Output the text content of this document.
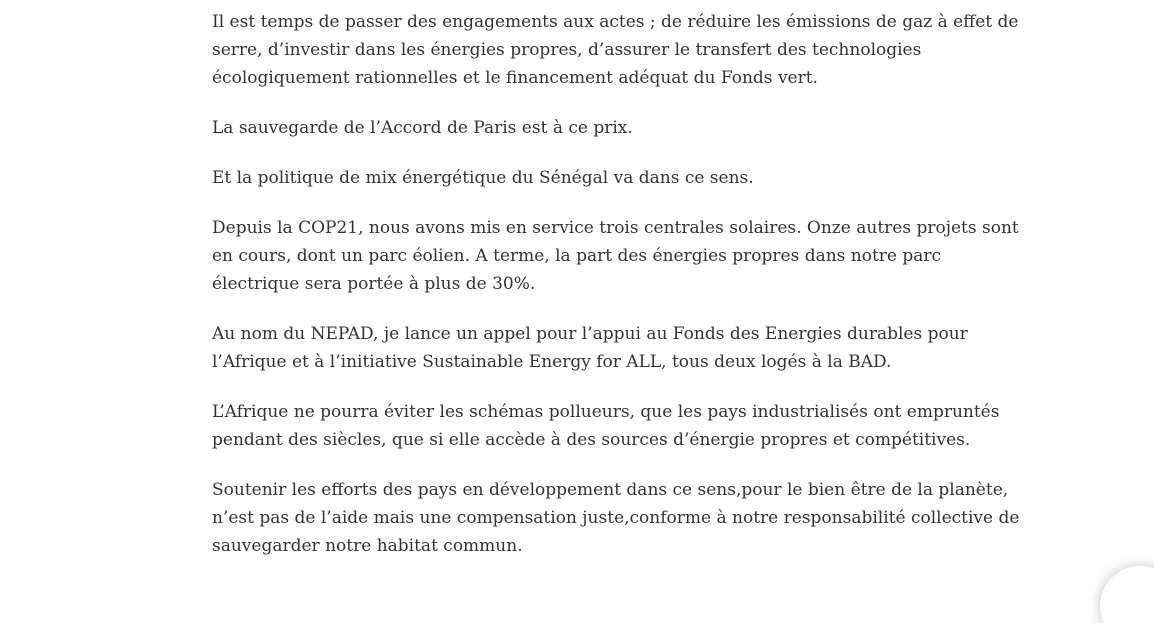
Il est temps de passer des engagements aux actes ; de réduire les émissions de gaz à effet de
serre, d’investir dans les énergies propres, d’assurer le transfert des technologies
écologiquement rationnelles et le financement adéquat du Fonds vert.

La sauvegarde de l’Accord de Paris est à ce prix.

Et la politique de mix énergétique du Sénégal va dans ce sens.

Depuis la COP21, nous avons mis en service trois centrales solaires. Onze autres projets sont
en cours, dont un parc éolien. A terme, la part des énergies propres dans notre parc
électrique sera portée à plus de 30%.

Au nom du NEPAD, je lance un appel pour l’appui au Fonds des Energies durables pour
l’Afrique et à l’initiative Sustainable Energy for ALL, tous deux logés à la BAD.

L’Afrique ne pourra éviter les schémas pollueurs, que les pays industrialisés ont empruntés
pendant des siècles, que si elle accède à des sources d’énergie propres et compétitives.

Soutenir les efforts des pays en développement dans ce sens,pour le bien être de la planète,
n’est pas de l’aide mais une compensation juste,conforme à notre responsabilité collective de
sauvegarder notre habitat commun.
